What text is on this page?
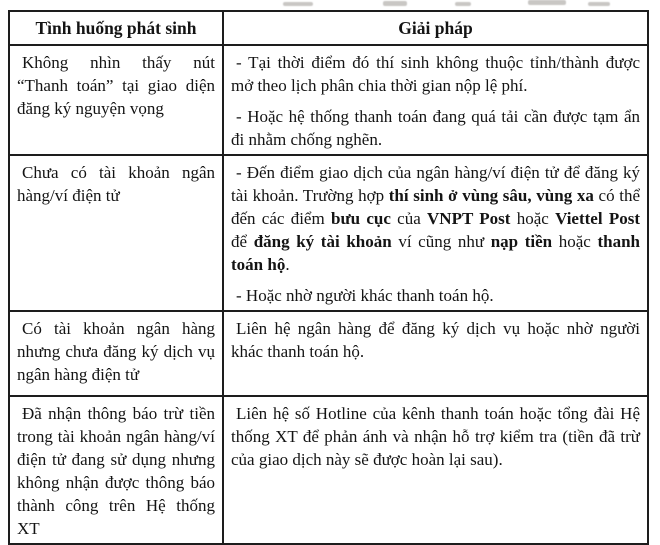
Tình huống phát sinh	Giải pháp

Không nhìn thấy nút “Thanh toán” tại giao diện đăng ký nguyện vọng	- Tại thời điểm đó thí sinh không thuộc tỉnh/thành được mở theo lịch phân chia thời gian nộp lệ phí.

- Hoặc hệ thống thanh toán đang quá tải cần được tạm ẩn đi nhằm chống nghẽn.

Chưa có tài khoản ngân hàng/ví điện tử	- Đến điểm giao dịch của ngân hàng/ví điện tử để đăng ký tài khoản. Trường hợp thí sinh ở vùng sâu, vùng xa có thể đến các điểm bưu cục của VNPT Post hoặc Viettel Post để đăng ký tài khoản ví cũng như nạp tiền hoặc thanh toán hộ.

- Hoặc nhờ người khác thanh toán hộ.

Có tài khoản ngân hàng nhưng chưa đăng ký dịch vụ ngân hàng điện tử	Liên hệ ngân hàng để đăng ký dịch vụ hoặc nhờ người khác thanh toán hộ.

Đã nhận thông báo trừ tiền trong tài khoản ngân hàng/ví điện tử đang sử dụng nhưng không nhận được thông báo thành công trên Hệ thống XT	Liên hệ số Hotline của kênh thanh toán hoặc tổng đài Hệ thống XT để phản ánh và nhận hỗ trợ kiểm tra (tiền đã trừ của giao dịch này sẽ được hoàn lại sau).
